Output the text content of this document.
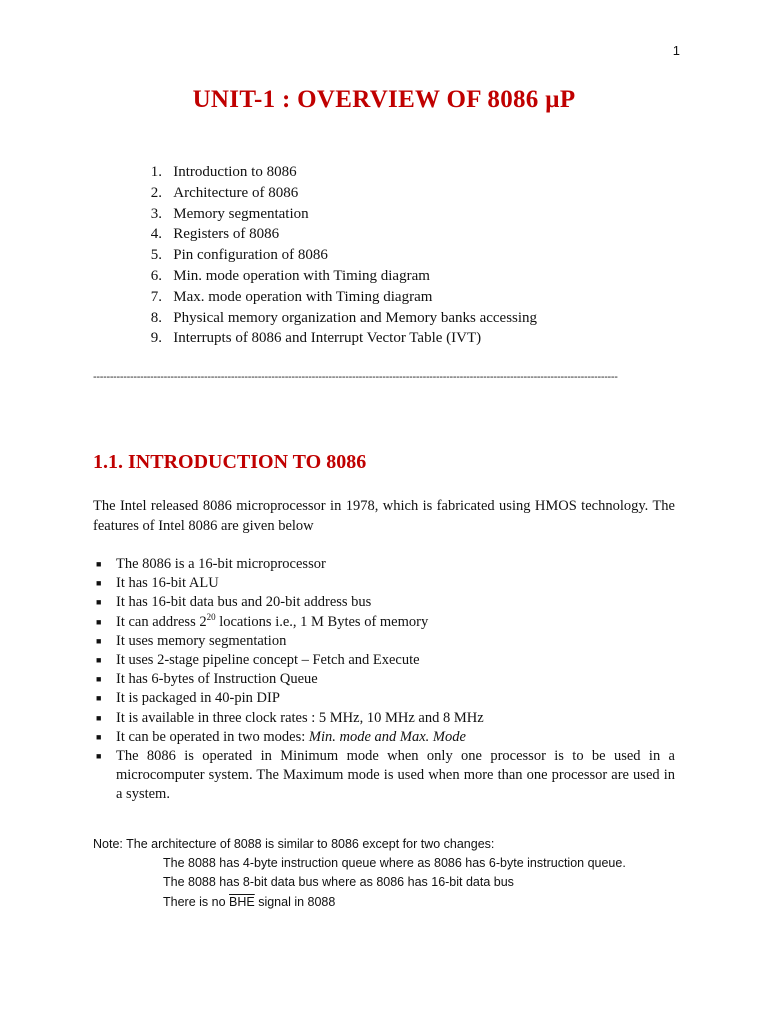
1
UNIT-1 : OVERVIEW OF 8086 µP
1. Introduction to 8086
2. Architecture of 8086
3. Memory segmentation
4. Registers of 8086
5. Pin configuration of 8086
6. Min. mode operation with Timing diagram
7. Max. mode operation with Timing diagram
8. Physical memory organization and Memory banks accessing
9. Interrupts of 8086 and Interrupt Vector Table (IVT)
------------------------------------------------------------------------------------------------------------------------------------------------------------
1.1. INTRODUCTION TO 8086

The Intel released 8086 microprocessor in 1978, which is fabricated using HMOS technology. The features of Intel 8086 are given below

■ The 8086 is a 16-bit microprocessor
■ It has 16-bit ALU
■ It has 16-bit data bus and 20-bit address bus
■ It can address $2^{20}$ locations i.e., 1 M Bytes of memory
■ It uses memory segmentation
■ It uses 2-stage pipeline concept – Fetch and Execute
■ It has 6-bytes of Instruction Queue
■ It is packaged in 40-pin DIP
■ It is available in three clock rates : 5 MHz, 10 MHz and 8 MHz
■ It can be operated in two modes: Min. mode and Max. Mode
■ The 8086 is operated in Minimum mode when only one processor is to be used in a microcomputer system. The Maximum mode is used when more than one processor are used in a system.
Note: The architecture of 8088 is similar to 8086 except for two changes:
The 8088 has 4-byte instruction queue where as 8086 has 6-byte instruction queue.
The 8088 has 8-bit data bus where as 8086 has 16-bit data bus
There is no $\overline{BHE}$ signal in 8088
